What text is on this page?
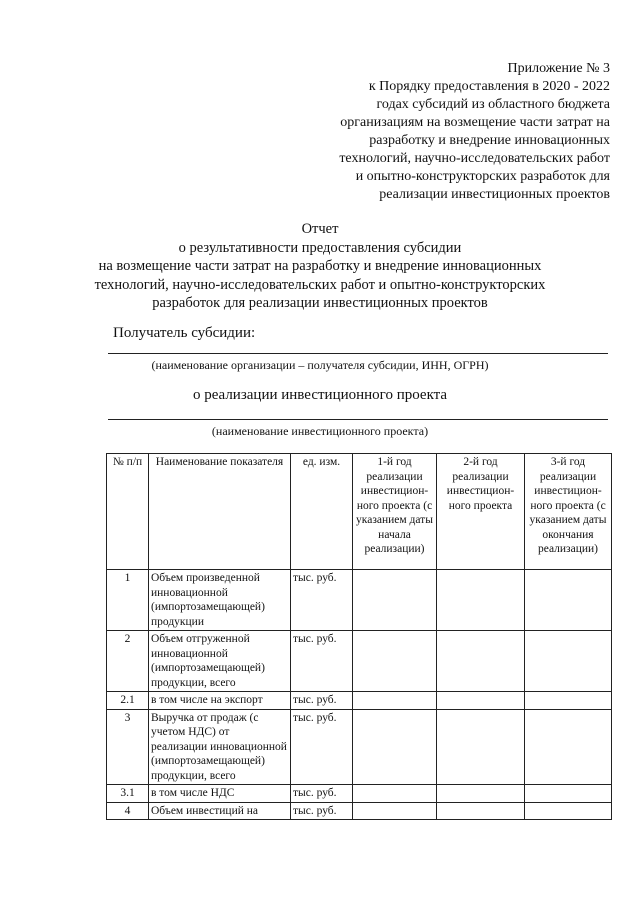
Приложение № 3
к Порядку предоставления в 2020 - 2022
годах субсидий из областного бюджета
организациям на возмещение части затрат на
разработку и внедрение инновационных
технологий, научно-исследовательских работ
и опытно-конструкторских разработок для
реализации инвестиционных проектов
Отчет
о результативности предоставления субсидии
на возмещение части затрат на разработку и внедрение инновационных
технологий, научно-исследовательских работ и опытно-конструкторских
разработок для реализации инвестиционных проектов
Получатель субсидии:
(наименование организации – получателя субсидии, ИНН, ОГРН)
о реализации инвестиционного проекта
(наименование инвестиционного проекта)
№ п/п	Наименование показателя	ед. изм.	1-й год реализации инвестицион-ного проекта (с указанием даты начала реализации)	2-й год реализации инвестицион-ного проекта	3-й год реализации инвестицион-ного проекта (с указанием даты окончания реализации)
1	Объем произведенной инновационной (импортозамещающей) продукции	тыс. руб.			
2	Объем отгруженной инновационной (импортозамещающей) продукции, всего	тыс. руб.			
2.1	в том числе на экспорт	тыс. руб.			
3	Выручка от продаж (с учетом НДС) от реализации инновационной (импортозамещающей) продукции, всего	тыс. руб.			
3.1	в том числе НДС	тыс. руб.			
4	Объем инвестиций на	тыс. руб.			
